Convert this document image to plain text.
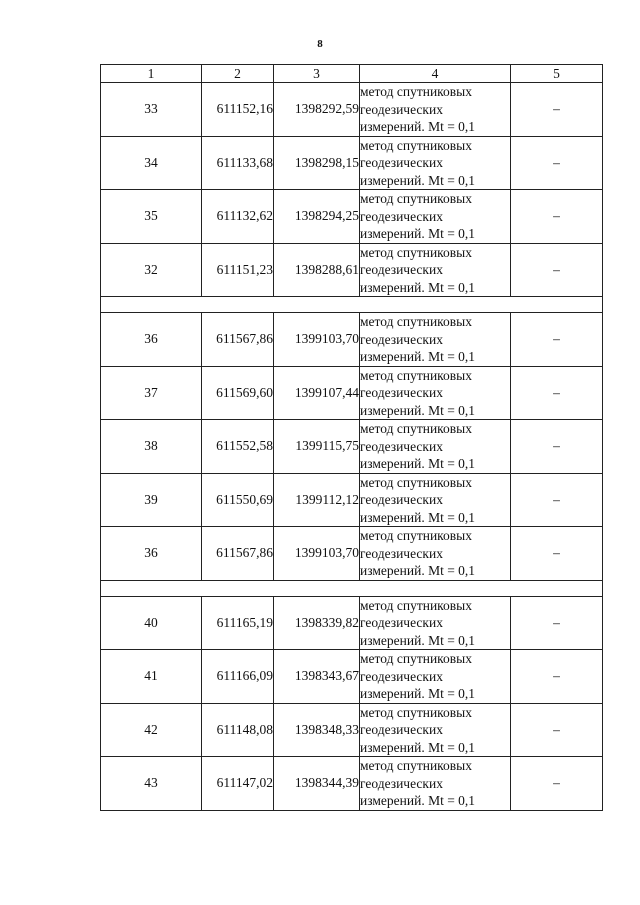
8
1	2	3	4	5
33	611152,16	1398292,59	метод спутниковых
геодезических
измерений. Mt = 0,1	–
34	611133,68	1398298,15	метод спутниковых
геодезических
измерений. Mt = 0,1	–
35	611132,62	1398294,25	метод спутниковых
геодезических
измерений. Mt = 0,1	–
32	611151,23	1398288,61	метод спутниковых
геодезических
измерений. Mt = 0,1	–

36	611567,86	1399103,70	метод спутниковых
геодезических
измерений. Mt = 0,1	–
37	611569,60	1399107,44	метод спутниковых
геодезических
измерений. Mt = 0,1	–
38	611552,58	1399115,75	метод спутниковых
геодезических
измерений. Mt = 0,1	–
39	611550,69	1399112,12	метод спутниковых
геодезических
измерений. Mt = 0,1	–
36	611567,86	1399103,70	метод спутниковых
геодезических
измерений. Mt = 0,1	–

40	611165,19	1398339,82	метод спутниковых
геодезических
измерений. Mt = 0,1	–
41	611166,09	1398343,67	метод спутниковых
геодезических
измерений. Mt = 0,1	–
42	611148,08	1398348,33	метод спутниковых
геодезических
измерений. Mt = 0,1	–
43	611147,02	1398344,39	метод спутниковых
геодезических
измерений. Mt = 0,1	–
